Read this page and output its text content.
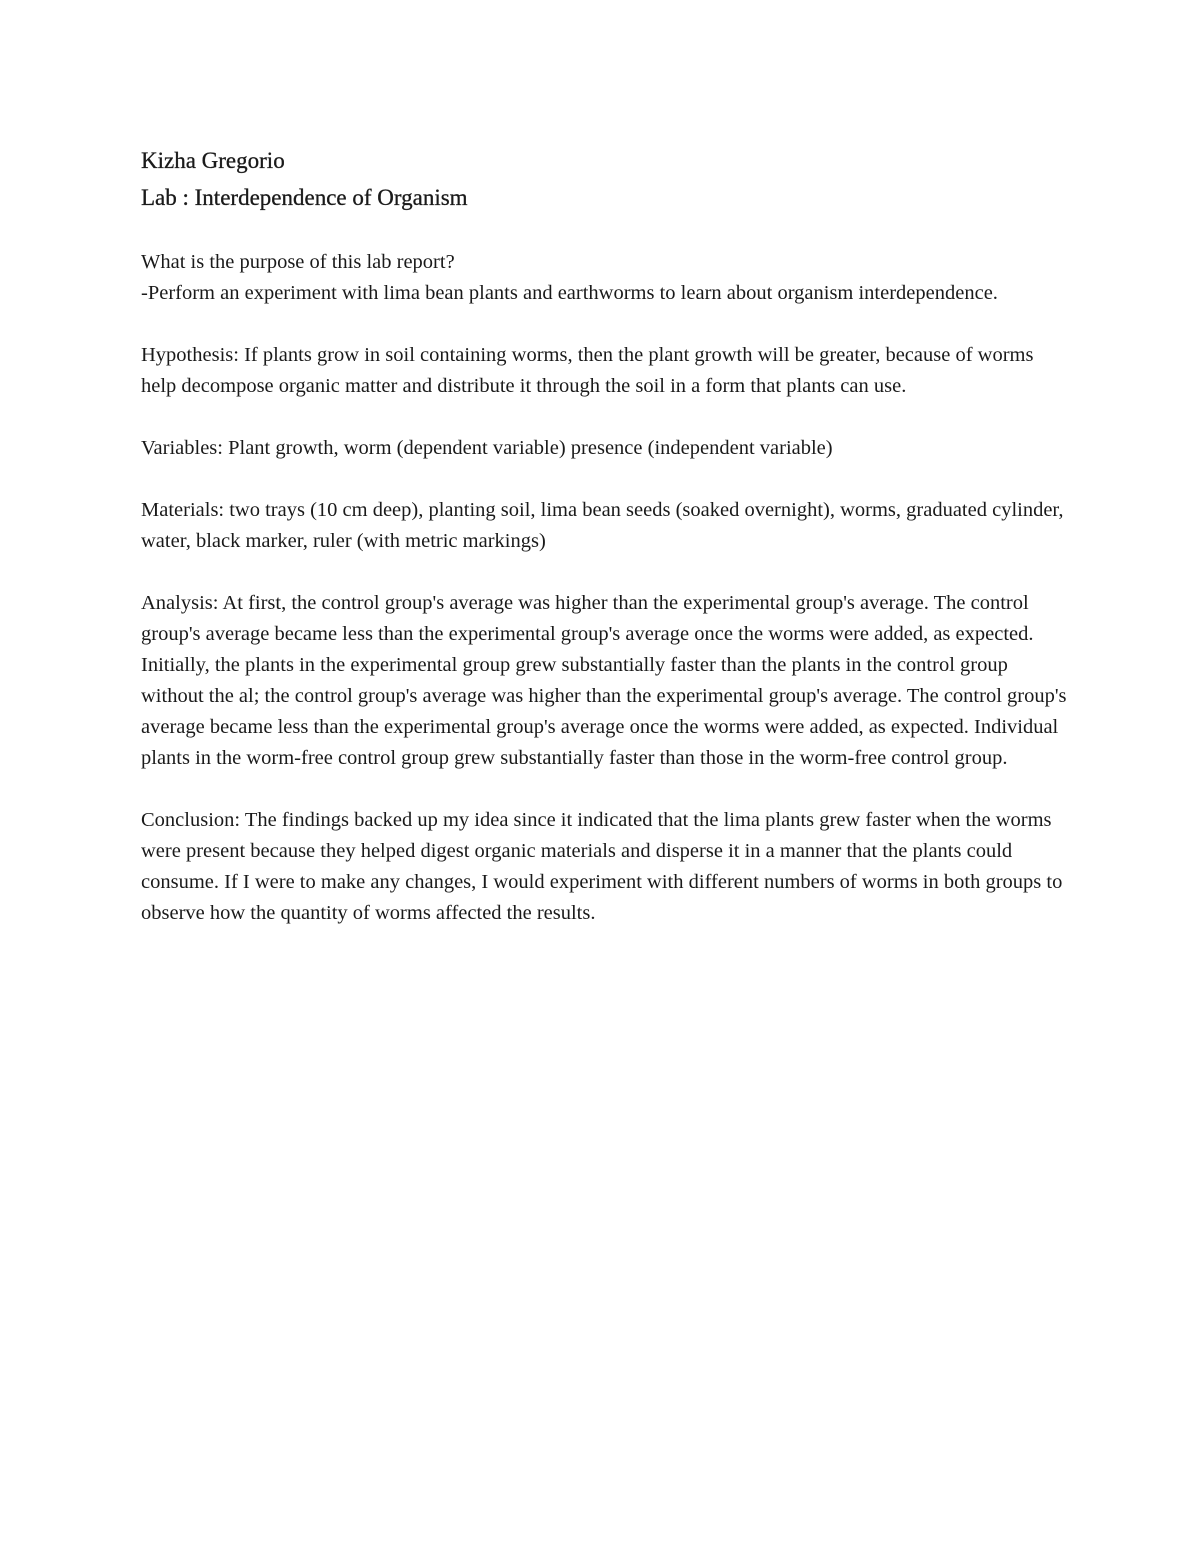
Kizha Gregorio

Lab : Interdependence of Organism

What is the purpose of this lab report?

-Perform an experiment with lima bean plants and earthworms to learn about organism interdependence.

Hypothesis: If plants grow in soil containing worms, then the plant growth will be greater, because of worms help decompose organic matter and distribute it through the soil in a form that plants can use.

Variables: Plant growth, worm (dependent variable) presence (independent variable)

Materials: two trays (10 cm deep), planting soil, lima bean seeds (soaked overnight), worms, graduated cylinder, water, black marker, ruler (with metric markings)

Analysis: At first, the control group's average was higher than the experimental group's average. The control group's average became less than the experimental group's average once the worms were added, as expected. Initially, the plants in the experimental group grew substantially faster than the plants in the control group without the al; the control group's average was higher than the experimental group's average. The control group's average became less than the experimental group's average once the worms were added, as expected. Individual plants in the worm-free control group grew substantially faster than those in the worm-free control group.

Conclusion: The findings backed up my idea since it indicated that the lima plants grew faster when the worms were present because they helped digest organic materials and disperse it in a manner that the plants could consume. If I were to make any changes, I would experiment with different numbers of worms in both groups to observe how the quantity of worms affected the results.
